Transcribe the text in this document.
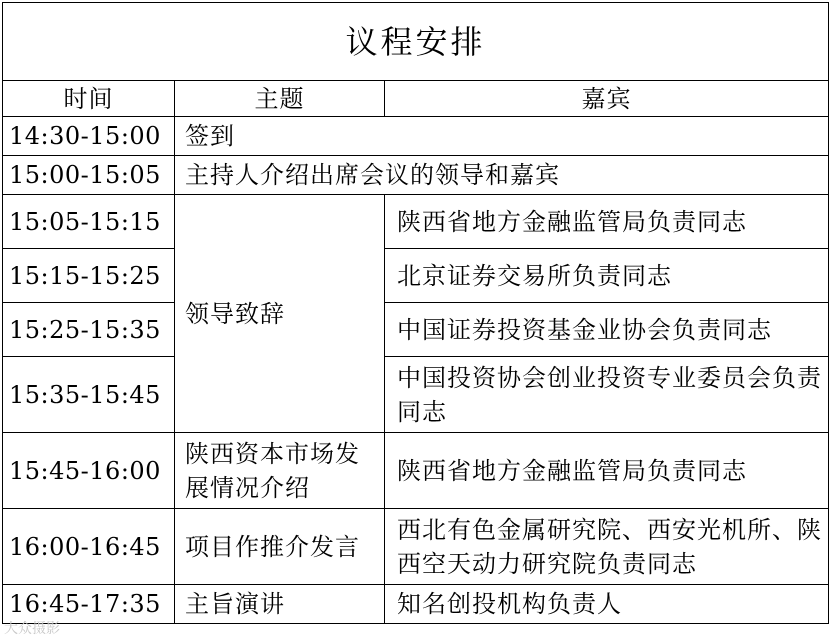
议程安排		
时间	主题	嘉宾
14:30-15:00	签到	
15:00-15:05	主持人介绍出席会议的领导和嘉宾	
15:05-15:15	领导致辞	陕西省地方金融监管局负责同志
15:15-15:25		北京证券交易所负责同志
15:25-15:35		中国证券投资基金业协会负责同志
15:35-15:45		中国投资协会创业投资专业委员会负责同志
15:45-16:00	陕西资本市场发展情况介绍	陕西省地方金融监管局负责同志
16:00-16:45	项目作推介发言	西北有色金属研究院、西安光机所、陕西空天动力研究院负责同志
16:45-17:35	主旨演讲	知名创投机构负责人
大众摄影
